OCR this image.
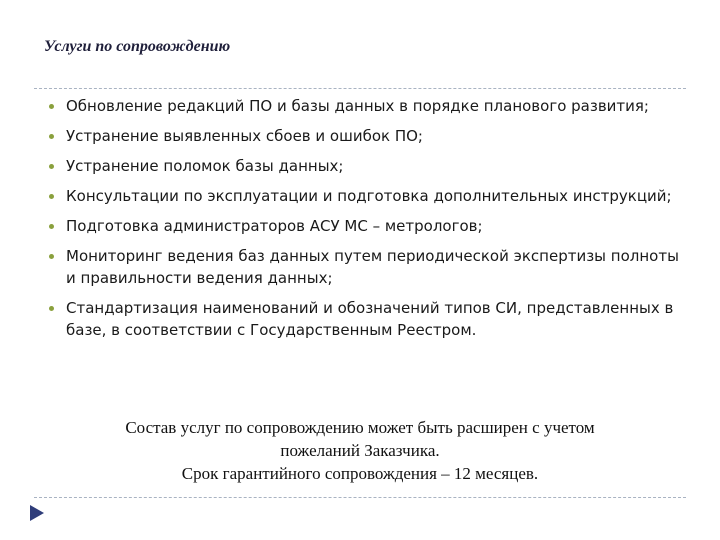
Услуги по сопровождению
Обновление редакций ПО и базы данных в порядке планового развития;
Устранение выявленных сбоев и ошибок ПО;
Устранение поломок базы данных;
Консультации по эксплуатации и подготовка дополнительных инструкций;
Подготовка администраторов АСУ МС – метрологов;
Мониторинг ведения баз данных путем периодической экспертизы полноты и правильности ведения данных;
Стандартизация наименований и обозначений типов СИ, представленных в базе, в соответствии с Государственным Реестром.
Состав услуг по сопровождению может быть расширен с учетом
пожеланий Заказчика.
Срок гарантийного сопровождения – 12 месяцев.
